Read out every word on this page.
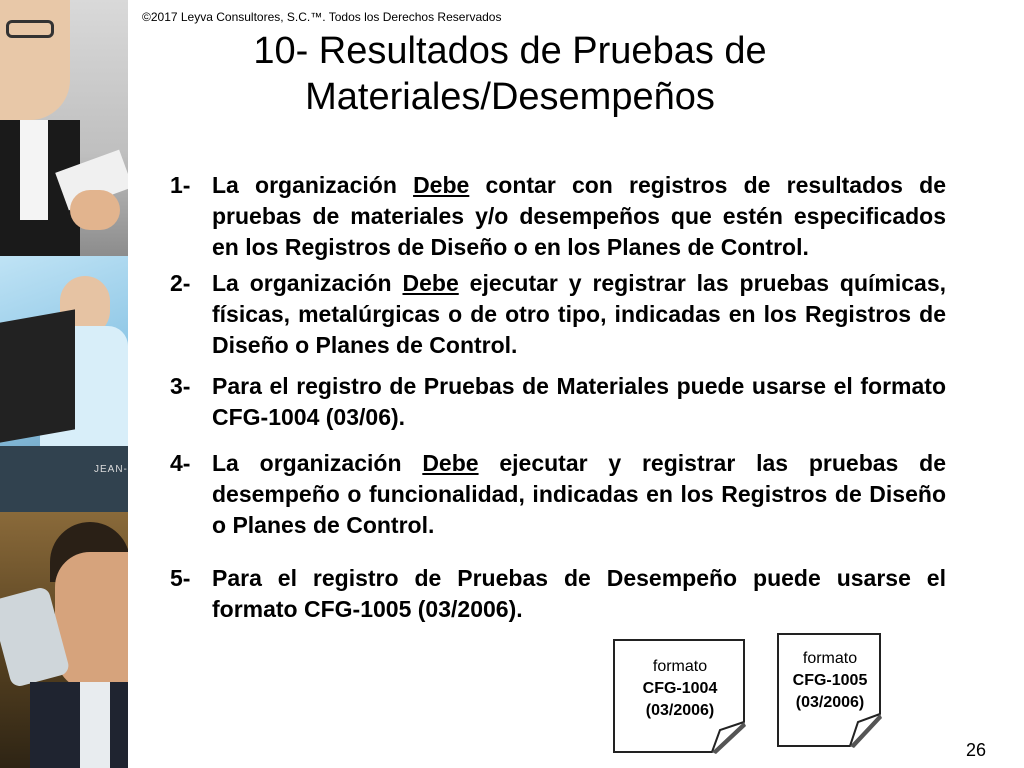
JEAN-
©2017 Leyva Consultores, S.C.™. Todos los Derechos Reservados
10- Resultados de Pruebas de
Materiales/Desempeños
1- La organización Debe contar con registros de resultados de pruebas de materiales y/o desempeños que estén especificados en los Registros de Diseño o en los Planes de Control.
2- La organización Debe ejecutar y registrar las pruebas químicas, físicas, metalúrgicas o de otro tipo, indicadas en los Registros de Diseño o Planes de Control.
3- Para el registro de Pruebas de Materiales puede usarse el formato CFG-1004 (03/06).
4- La organización Debe ejecutar y registrar las pruebas de desempeño o funcionalidad, indicadas en los Registros de Diseño o Planes de Control.
5- Para el registro de Pruebas de Desempeño puede usarse el formato CFG-1005 (03/2006).
formato
CFG-1004
(03/2006)
formato
CFG-1005
(03/2006)
26
